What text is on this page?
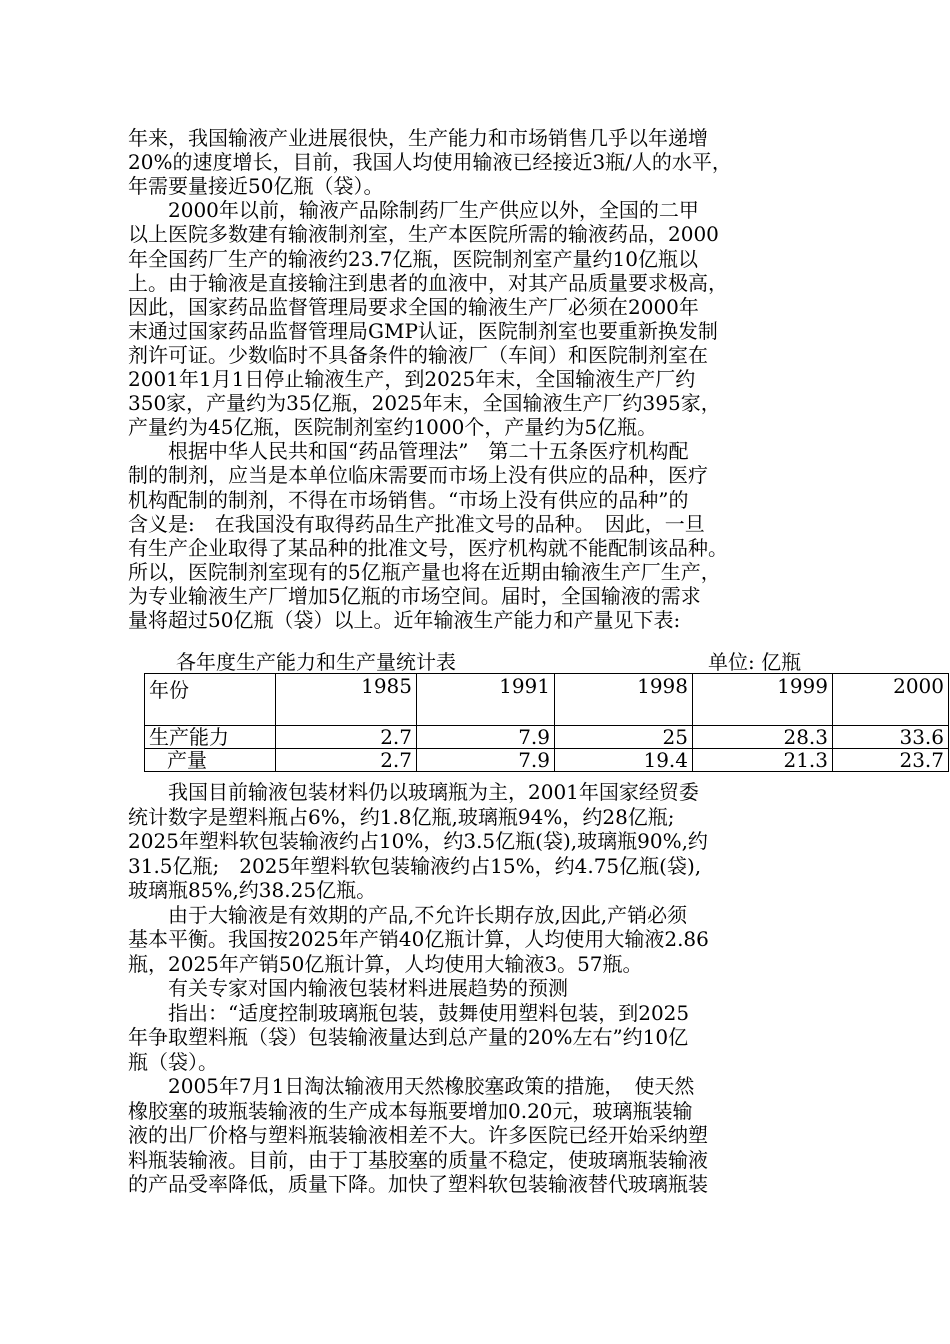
年来，我国输液产业进展很快，生产能力和市场销售几乎以年递增
20%的速度增长，目前，我国人均使用输液已经接近3瓶/人的水平，
年需要量接近50亿瓶（袋）。
　　2000年以前，输液产品除制药厂生产供应以外，全国的二甲
以上医院多数建有输液制剂室，生产本医院所需的输液药品，2000
年全国药厂生产的输液约23.7亿瓶，医院制剂室产量约10亿瓶以
上。由于输液是直接输注到患者的血液中，对其产品质量要求极高，
因此，国家药品监督管理局要求全国的输液生产厂必须在2000年
末通过国家药品监督管理局GMP认证，医院制剂室也要重新换发制
剂许可证。少数临时不具备条件的输液厂（车间）和医院制剂室在
2001年1月1日停止输液生产，到2025年末，全国输液生产厂约
350家，产量约为35亿瓶，2025年末，全国输液生产厂约395家，
产量约为45亿瓶，医院制剂室约1000个，产量约为5亿瓶。
　　根据中华人民共和国“药品管理法”　第二十五条医疗机构配
制的制剂，应当是本单位临床需要而市场上没有供应的品种，医疗
机构配制的制剂，不得在市场销售。“市场上没有供应的品种”的
含义是:　在我国没有取得药品生产批准文号的品种。　因此，一旦
有生产企业取得了某品种的批准文号，医疗机构就不能配制该品种。
所以，医院制剂室现有的5亿瓶产量也将在近期由输液生产厂生产，
为专业输液生产厂增加5亿瓶的市场空间。届时，全国输液的需求
量将超过50亿瓶（袋）以上。近年输液生产能力和产量见下表:
各年度生产能力和生产量统计表	单位: 亿瓶
年份	1985	1991	1998	1999	2000
生产能力	2.7	7.9	25	28.3	33.6
产量	2.7	7.9	19.4	21.3	23.7
　　我国目前输液包装材料仍以玻璃瓶为主，2001年国家经贸委
统计数字是塑料瓶占6%，约1.8亿瓶,玻璃瓶94%，约28亿瓶;
2025年塑料软包装输液约占10%，约3.5亿瓶(袋),玻璃瓶90%,约
31.5亿瓶;　2025年塑料软包装输液约占15%，约4.75亿瓶(袋),
玻璃瓶85%,约38.25亿瓶。
　　由于大输液是有效期的产品,不允许长期存放,因此,产销必须
基本平衡。我国按2025年产销40亿瓶计算，人均使用大输液2.86
瓶，2025年产销50亿瓶计算，人均使用大输液3。57瓶。
　　有关专家对国内输液包装材料进展趋势的预测
　　指出：“适度控制玻璃瓶包装，鼓舞使用塑料包装，到2025
年争取塑料瓶（袋）包装输液量达到总产量的20%左右”约10亿
瓶（袋）。
　　2005年7月1日淘汰输液用天然橡胶塞政策的措施，　使天然
橡胶塞的玻瓶装输液的生产成本每瓶要增加0.20元，玻璃瓶装输
液的出厂价格与塑料瓶装输液相差不大。许多医院已经开始采纳塑
料瓶装输液。目前，由于丁基胶塞的质量不稳定，使玻璃瓶装输液
的产品受率降低，质量下降。加快了塑料软包装输液替代玻璃瓶装
